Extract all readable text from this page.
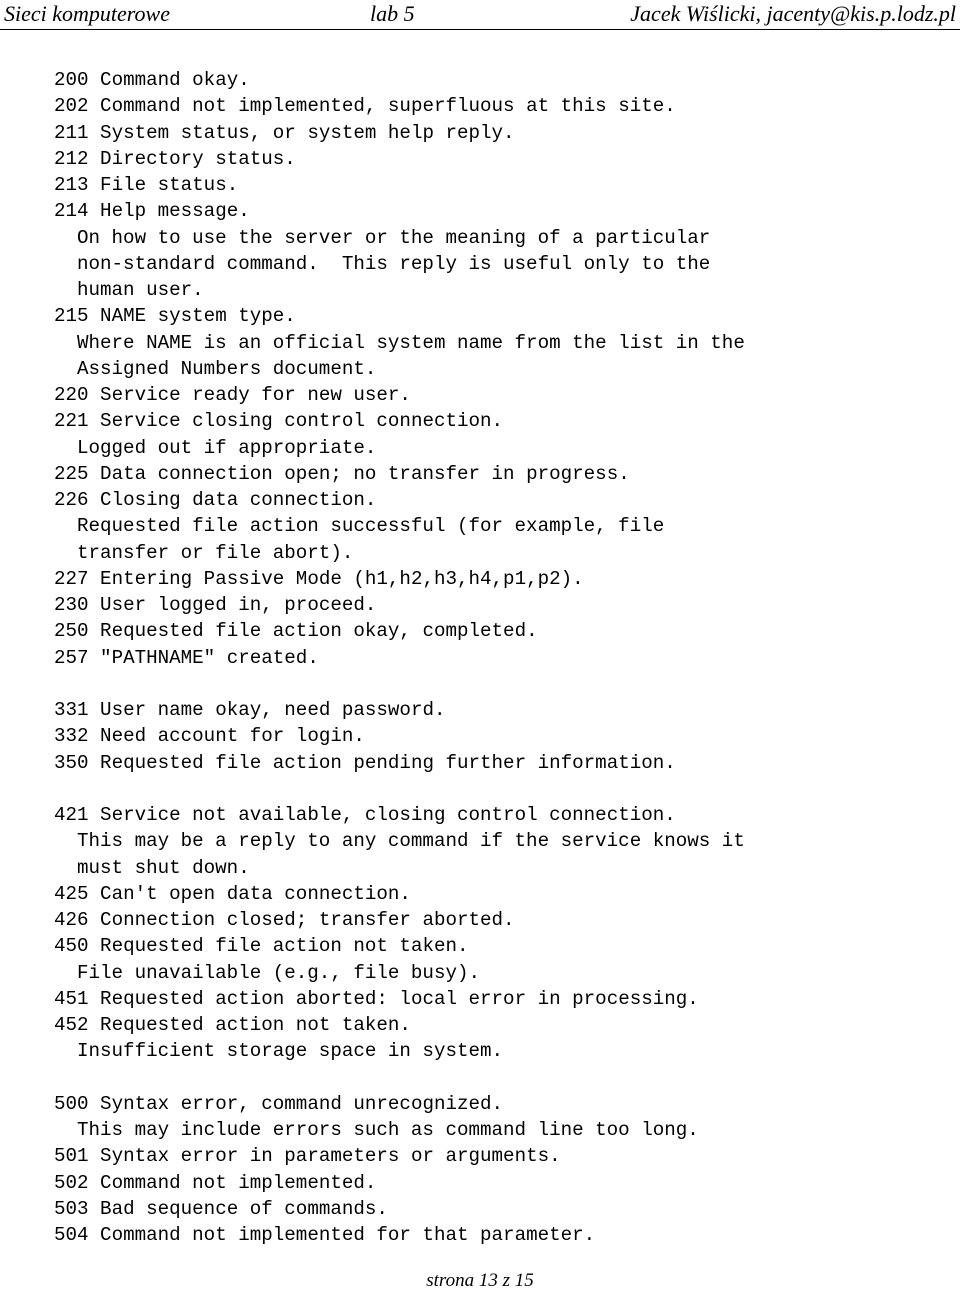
Sieci komputerowe	lab 5	Jacek Wiślicki, jacenty@kis.p.lodz.pl
200 Command okay.
202 Command not implemented, superfluous at this site.
211 System status, or system help reply.
212 Directory status.
213 File status.
214 Help message.
On how to use the server or the meaning of a particular
non-standard command.  This reply is useful only to the
human user.
215 NAME system type.
Where NAME is an official system name from the list in the
Assigned Numbers document.
220 Service ready for new user.
221 Service closing control connection.
Logged out if appropriate.
225 Data connection open; no transfer in progress.
226 Closing data connection.
Requested file action successful (for example, file
transfer or file abort).
227 Entering Passive Mode (h1,h2,h3,h4,p1,p2).
230 User logged in, proceed.
250 Requested file action okay, completed.
257 "PATHNAME" created.
331 User name okay, need password.
332 Need account for login.
350 Requested file action pending further information.
421 Service not available, closing control connection.
This may be a reply to any command if the service knows it
must shut down.
425 Can't open data connection.
426 Connection closed; transfer aborted.
450 Requested file action not taken.
File unavailable (e.g., file busy).
451 Requested action aborted: local error in processing.
452 Requested action not taken.
Insufficient storage space in system.
500 Syntax error, command unrecognized.
This may include errors such as command line too long.
501 Syntax error in parameters or arguments.
502 Command not implemented.
503 Bad sequence of commands.
504 Command not implemented for that parameter.
strona 13 z 15
